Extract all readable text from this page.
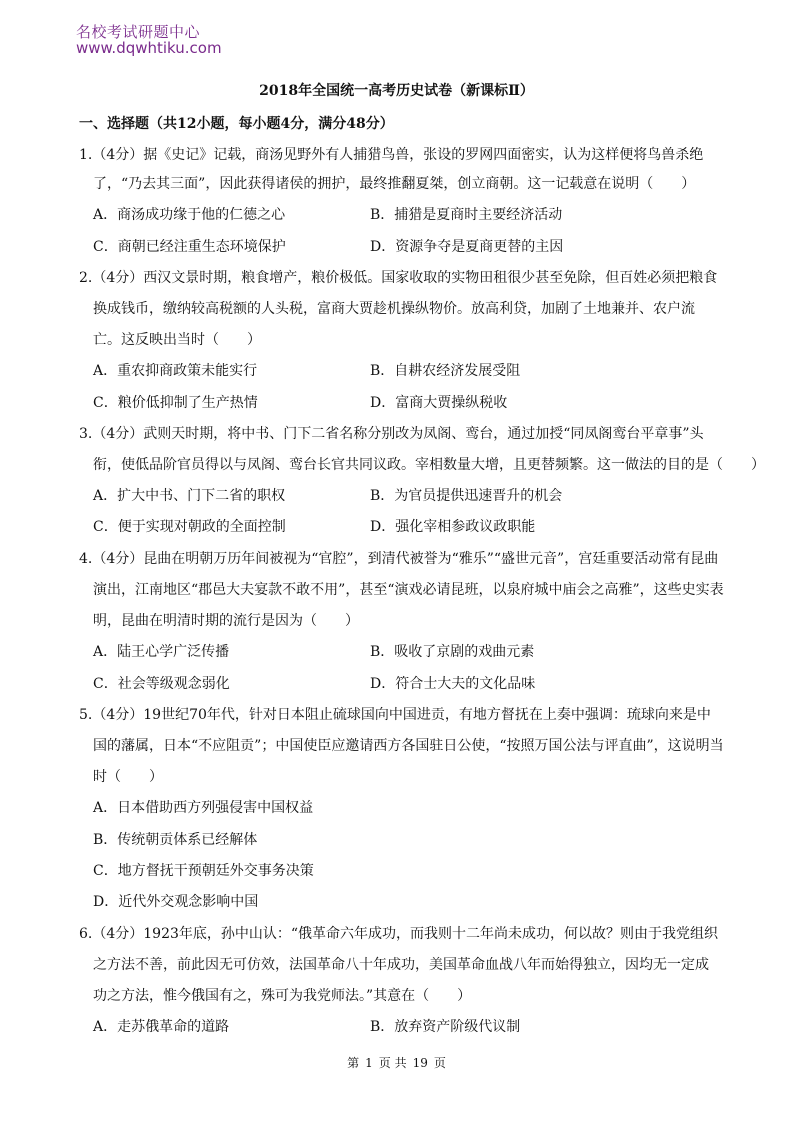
名校考试研题中心
www.dqwhtiku.com
2018年全国统一高考历史试卷（新课标Ⅱ）
一、选择题（共12小题，每小题4分，满分48分）
1.（4分）据《史记》记载，商汤见野外有人捕猎鸟兽，张设的罗网四面密实，认为这样便将鸟兽杀绝
了，“乃去其三面”，因此获得诸侯的拥护，最终推翻夏桀，创立商朝。这一记载意在说明（　　）
A．商汤成功缘于他的仁德之心	B．捕猎是夏商时主要经济活动
C．商朝已经注重生态环境保护	D．资源争夺是夏商更替的主因
2.（4分）西汉文景时期，粮食增产，粮价极低。国家收取的实物田租很少甚至免除，但百姓必须把粮食
换成钱币，缴纳较高税额的人头税，富商大贾趁机操纵物价。放高利贷，加剧了土地兼并、农户流
亡。这反映出当时（　　）
A．重农抑商政策未能实行	B．自耕农经济发展受阻
C．粮价低抑制了生产热情	D．富商大贾操纵税收
3.（4分）武则天时期，将中书、门下二省名称分别改为凤阁、鸾台，通过加授“同凤阁鸾台平章事”头
衔，使低品阶官员得以与凤阁、鸾台长官共同议政。宰相数量大增，且更替频繁。这一做法的目的是（　　）
A．扩大中书、门下二省的职权	B．为官员提供迅速晋升的机会
C．便于实现对朝政的全面控制	D．强化宰相参政议政职能
4.（4分）昆曲在明朝万历年间被视为“官腔”，到清代被誉为“雅乐”“盛世元音”，宫廷重要活动常有昆曲
演出，江南地区“郡邑大夫宴款不敢不用”，甚至“演戏必请昆班，以泉府城中庙会之高雅”，这些史实表
明，昆曲在明清时期的流行是因为（　　）
A．陆王心学广泛传播	B．吸收了京剧的戏曲元素
C．社会等级观念弱化	D．符合士大夫的文化品味
5.（4分）19世纪70年代，针对日本阻止硫球国向中国进贡，有地方督抚在上奏中强调：琉球向来是中
国的藩属，日本“不应阻贡”；中国使臣应邀请西方各国驻日公使，“按照万国公法与评直曲”，这说明当
时（　　）
A．日本借助西方列强侵害中国权益
B．传统朝贡体系已经解体
C．地方督抚干预朝廷外交事务决策
D．近代外交观念影响中国
6.（4分）1923年底，孙中山认：“俄革命六年成功，而我则十二年尚未成功，何以故？则由于我党组织
之方法不善，前此因无可仿效，法国革命八十年成功，美国革命血战八年而始得独立，因均无一定成
功之方法，惟今俄国有之，殊可为我党师法。”其意在（　　）
A．走苏俄革命的道路	B．放弃资产阶级代议制
第 1 页 共 19 页
